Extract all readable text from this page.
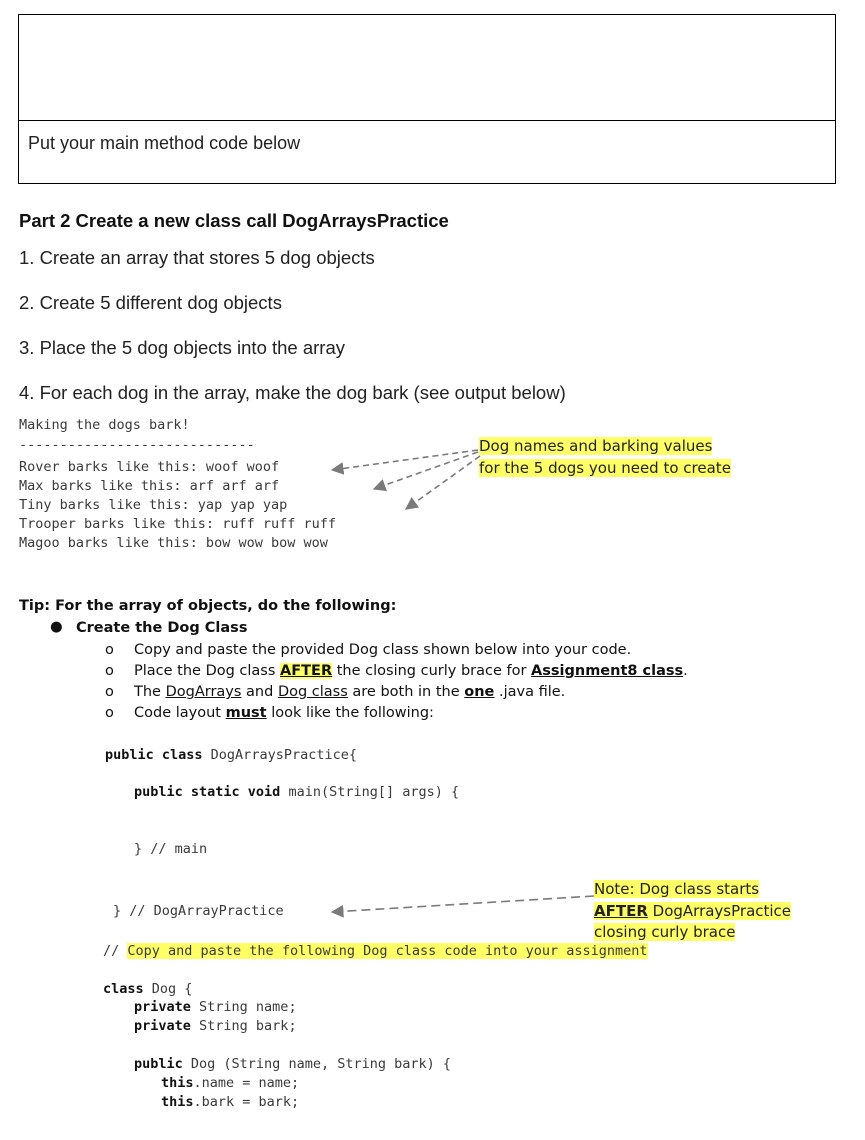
Put your main method code below
Part 2 Create a new class call DogArraysPractice
1. Create an array that stores 5 dog objects
2. Create 5 different dog objects
3. Place the 5 dog objects into the array
4. For each dog in the array, make the dog bark (see output below)
Making the dogs bark!
-----------------------------
Rover barks like this: woof woof
Max barks like this: arf arf arf
Tiny barks like this: yap yap yap
Trooper barks like this: ruff ruff ruff
Magoo barks like this: bow wow bow wow
Dog names and barking values
for the 5 dogs you need to create
Tip: For the array of objects, do the following:
● Create the Dog Class
o Copy and paste the provided Dog class shown below into your code.
o Place the Dog class AFTER the closing curly brace for Assignment8 class.
o The DogArrays and Dog class are both in the one .java file.
o Code layout must look like the following:
public class DogArraysPractice{
public static void main(String[] args) {
} // main
} // DogArrayPractice
Note: Dog class starts
AFTER DogArraysPractice
closing curly brace
// Copy and paste the following Dog class code into your assignment
class Dog {
private String name;
private String bark;
public Dog (String name, String bark) {
this.name = name;
this.bark = bark;
